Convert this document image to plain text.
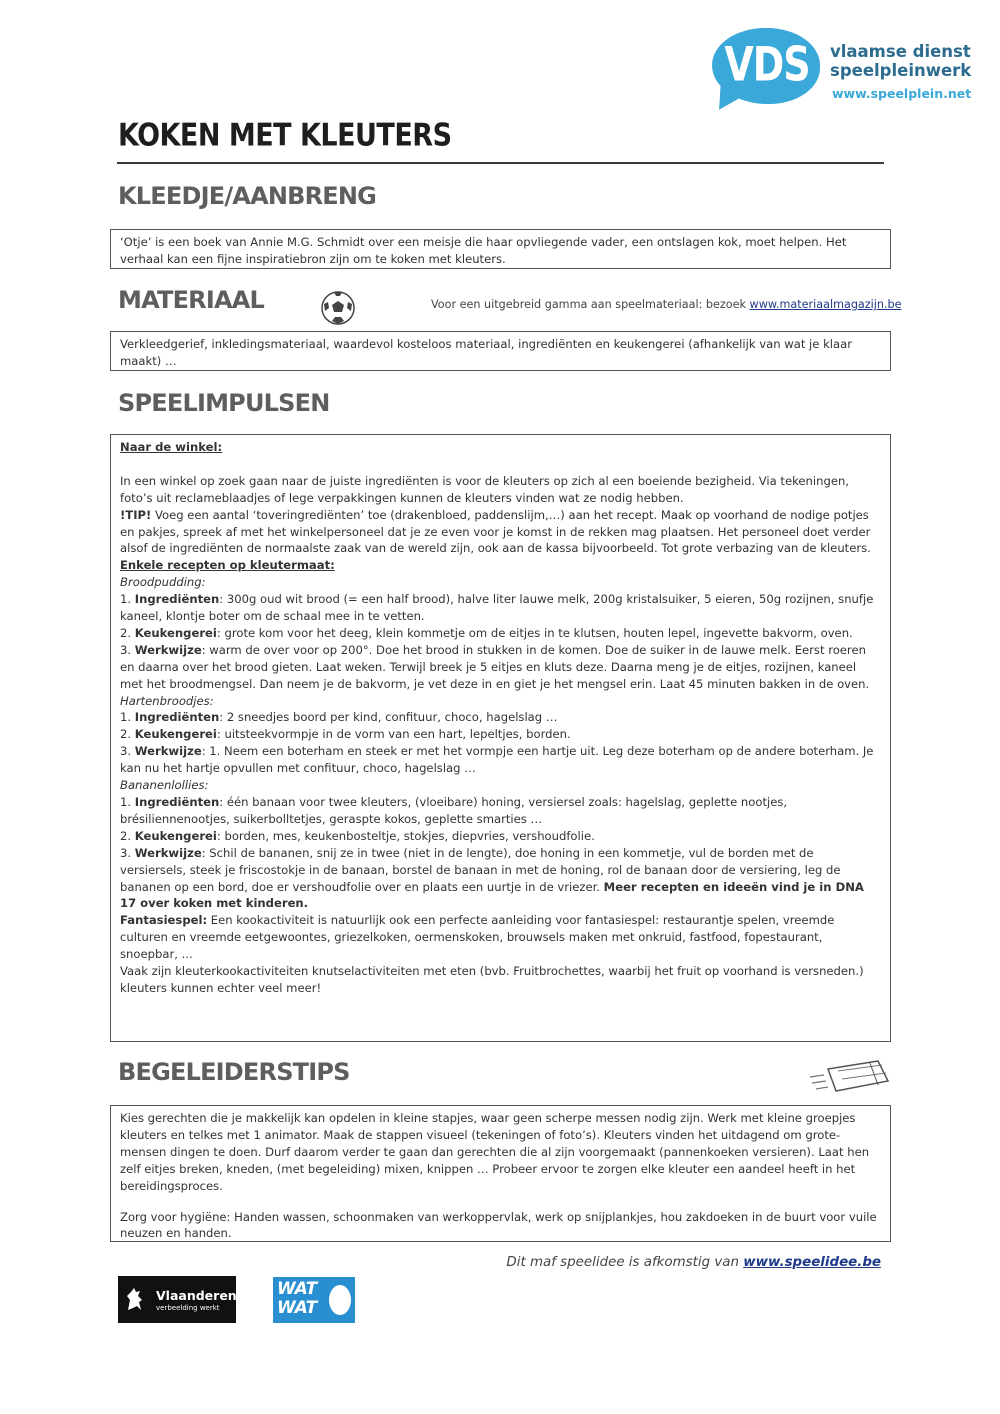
VDS vlaamse dienst
speelpleinwerk
www.speelplein.net
KOKEN MET KLEUTERS
KLEEDJE/AANBRENG

‘Otje’ is een boek van Annie M.G. Schmidt over een meisje die haar opvliegende vader, een ontslagen kok, moet helpen. Het verhaal kan een fijne inspiratiebron zijn om te koken met kleuters.

MATERIAAL	Voor een uitgebreid gamma aan speelmateriaal: bezoek www.materiaalmagazijn.be

Verkleedgerief, inkledingsmateriaal, waardevol kosteloos materiaal, ingrediënten en keukengerei (afhankelijk van wat je klaar maakt) …

SPEELIMPULSEN

Naar de winkel:

In een winkel op zoek gaan naar de juiste ingrediënten is voor de kleuters op zich al een boeiende bezigheid. Via tekeningen, foto’s uit reclameblaadjes of lege verpakkingen kunnen de kleuters vinden wat ze nodig hebben.

!TIP! Voeg een aantal ‘toveringrediënten’ toe (drakenbloed, paddenslijm,…) aan het recept. Maak op voorhand de nodige potjes en pakjes, spreek af met het winkelpersoneel dat je ze even voor je komst in de rekken mag plaatsen. Het personeel doet verder alsof de ingrediënten de normaalste zaak van de wereld zijn, ook aan de kassa bijvoorbeeld. Tot grote verbazing van de kleuters.

Enkele recepten op kleutermaat:

Broodpudding:

1. Ingrediënten: 300g oud wit brood (= een half brood), halve liter lauwe melk, 200g kristalsuiker, 5 eieren, 50g rozijnen, snufje kaneel, klontje boter om de schaal mee in te vetten.

2. Keukengerei: grote kom voor het deeg, klein kommetje om de eitjes in te klutsen, houten lepel, ingevette bakvorm, oven.

3. Werkwijze: warm de over voor op 200°. Doe het brood in stukken in de komen. Doe de suiker in de lauwe melk. Eerst roeren en daarna over het brood gieten. Laat weken. Terwijl breek je 5 eitjes en kluts deze. Daarna meng je de eitjes, rozijnen, kaneel met het broodmengsel. Dan neem je de bakvorm, je vet deze in en giet je het mengsel erin. Laat 45 minuten bakken in de oven.

Hartenbroodjes:

1. Ingrediënten: 2 sneedjes boord per kind, confituur, choco, hagelslag …

2. Keukengerei: uitsteekvormpje in de vorm van een hart, lepeltjes, borden.

3. Werkwijze: 1. Neem een boterham en steek er met het vormpje een hartje uit. Leg deze boterham op de andere boterham. Je kan nu het hartje opvullen met confituur, choco, hagelslag …

Bananenlollies:

1. Ingrediënten: één banaan voor twee kleuters, (vloeibare) honing, versiersel zoals: hagelslag, geplette nootjes, brésiliennenootjes, suikerbolltetjes, geraspte kokos, geplette smarties …

2. Keukengerei: borden, mes, keukenbosteltje, stokjes, diepvries, vershoudfolie.

3. Werkwijze: Schil de bananen, snij ze in twee (niet in de lengte), doe honing in een kommetje, vul de borden met de versiersels, steek je friscostokje in de banaan, borstel de banaan in met de honing, rol de banaan door de versiering, leg de bananen op een bord, doe er vershoudfolie over en plaats een uurtje in de vriezer. Meer recepten en ideeën vind je in DNA 17 over koken met kinderen.

Fantasiespel: Een kookactiviteit is natuurlijk ook een perfecte aanleiding voor fantasiespel: restaurantje spelen, vreemde culturen en vreemde eetgewoontes, griezelkoken, oermenskoken, brouwsels maken met onkruid, fastfood, fopestaurant, snoepbar, ...

Vaak zijn kleuterkookactiviteiten knutselactiviteiten met eten (bvb. Fruitbrochettes, waarbij het fruit op voorhand is versneden.) kleuters kunnen echter veel meer!

BEGELEIDERSTIPS

Kies gerechten die je makkelijk kan opdelen in kleine stapjes, waar geen scherpe messen nodig zijn. Werk met kleine groepjes kleuters en telkes met 1 animator. Maak de stappen visueel (tekeningen of foto’s). Kleuters vinden het uitdagend om grote-mensen dingen te doen. Durf daarom verder te gaan dan gerechten die al zijn voorgemaakt (pannenkoeken versieren). Laat hen zelf eitjes breken, kneden, (met begeleiding) mixen, knippen … Probeer ervoor te zorgen elke kleuter een aandeel heeft in het bereidingsproces.

Zorg voor hygiëne: Handen wassen, schoonmaken van werkoppervlak, werk op snijplankjes, hou zakdoeken in de buurt voor vuile neuzen en handen.

Dit maf speelidee is afkomstig van www.speelidee.be
Vlaanderen
verbeelding werkt
WAT
WAT
